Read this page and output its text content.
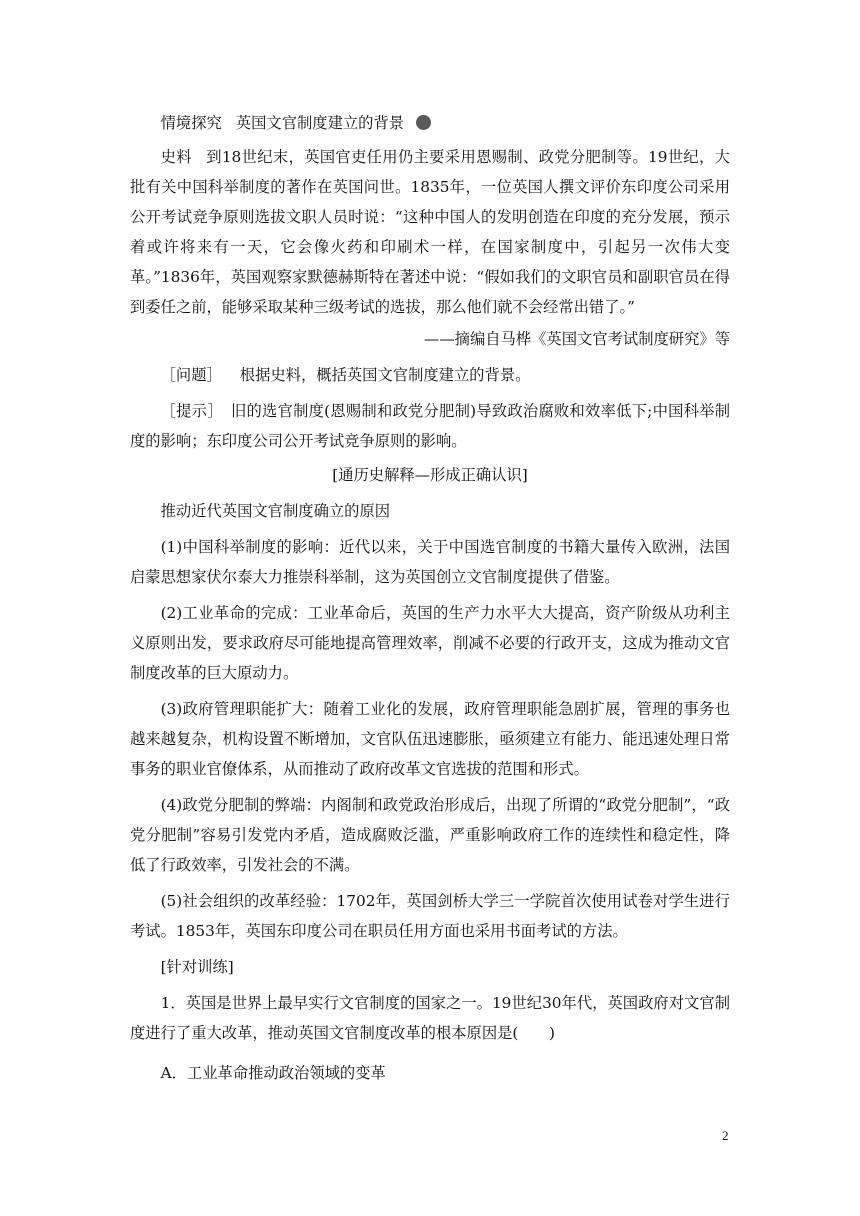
情境探究 英国文官制度建立的背景

史料 到18世纪末，英国官吏任用仍主要采用恩赐制、政党分肥制等。19世纪，大批有关中国科举制度的著作在英国问世。1835年，一位英国人撰文评价东印度公司采用公开考试竞争原则选拔文职人员时说：“这种中国人的发明创造在印度的充分发展，预示着或许将来有一天，它会像火药和印刷术一样，在国家制度中，引起另一次伟大变革。”1836年，英国观察家默德赫斯特在著述中说：“假如我们的文职官员和副职官员在得到委任之前，能够采取某种三级考试的选拔，那么他们就不会经常出错了。”

——摘编自马桦《英国文官考试制度研究》等

［问题］ 根据史料，概括英国文官制度建立的背景。

［提示］ 旧的选官制度(恩赐制和政党分肥制)导致政治腐败和效率低下;中国科举制度的影响；东印度公司公开考试竞争原则的影响。

[通历史解释—形成正确认识]

推动近代英国文官制度确立的原因

(1)中国科举制度的影响：近代以来，关于中国选官制度的书籍大量传入欧洲，法国启蒙思想家伏尔泰大力推崇科举制，这为英国创立文官制度提供了借鉴。

(2)工业革命的完成：工业革命后，英国的生产力水平大大提高，资产阶级从功利主义原则出发，要求政府尽可能地提高管理效率，削减不必要的行政开支，这成为推动文官制度改革的巨大原动力。

(3)政府管理职能扩大：随着工业化的发展，政府管理职能急剧扩展，管理的事务也越来越复杂，机构设置不断增加，文官队伍迅速膨胀，亟须建立有能力、能迅速处理日常事务的职业官僚体系，从而推动了政府改革文官选拔的范围和形式。

(4)政党分肥制的弊端：内阁制和政党政治形成后，出现了所谓的“政党分肥制”，“政党分肥制”容易引发党内矛盾，造成腐败泛滥，严重影响政府工作的连续性和稳定性，降低了行政效率，引发社会的不满。

(5)社会组织的改革经验：1702年，英国剑桥大学三一学院首次使用试卷对学生进行考试。1853年，英国东印度公司在职员任用方面也采用书面考试的方法。

[针对训练]

1．英国是世界上最早实行文官制度的国家之一。19世纪30年代，英国政府对文官制度进行了重大改革，推动英国文官制度改革的根本原因是(　　)

A．工业革命推动政治领域的变革

2
